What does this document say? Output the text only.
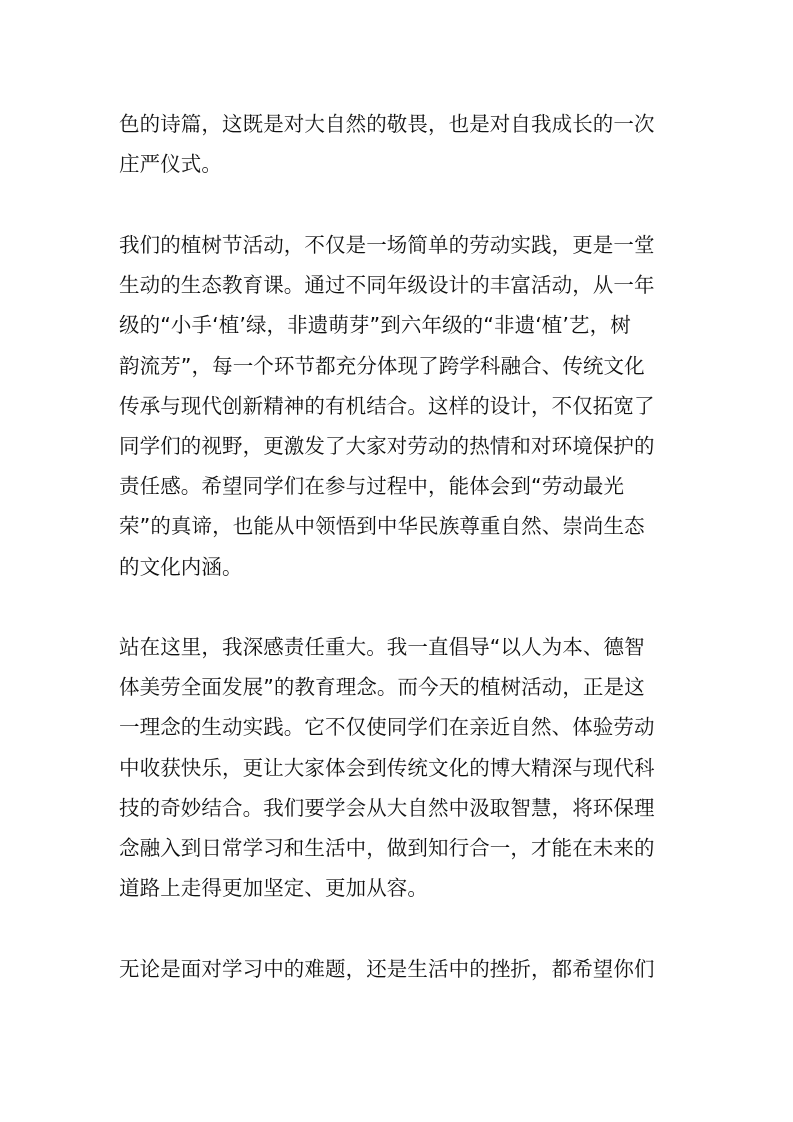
色的诗篇，这既是对大自然的敬畏，也是对自我成长的一次
庄严仪式。

我们的植树节活动，不仅是一场简单的劳动实践，更是一堂
生动的生态教育课。通过不同年级设计的丰富活动，从一年
级的“小手‘植’绿，非遗萌芽”到六年级的“非遗‘植’艺，树
韵流芳”，每一个环节都充分体现了跨学科融合、传统文化
传承与现代创新精神的有机结合。这样的设计，不仅拓宽了
同学们的视野，更激发了大家对劳动的热情和对环境保护的
责任感。希望同学们在参与过程中，能体会到“劳动最光
荣”的真谛，也能从中领悟到中华民族尊重自然、崇尚生态
的文化内涵。

站在这里，我深感责任重大。我一直倡导“以人为本、德智
体美劳全面发展”的教育理念。而今天的植树活动，正是这
一理念的生动实践。它不仅使同学们在亲近自然、体验劳动
中收获快乐，更让大家体会到传统文化的博大精深与现代科
技的奇妙结合。我们要学会从大自然中汲取智慧，将环保理
念融入到日常学习和生活中，做到知行合一，才能在未来的
道路上走得更加坚定、更加从容。

无论是面对学习中的难题，还是生活中的挫折，都希望你们
